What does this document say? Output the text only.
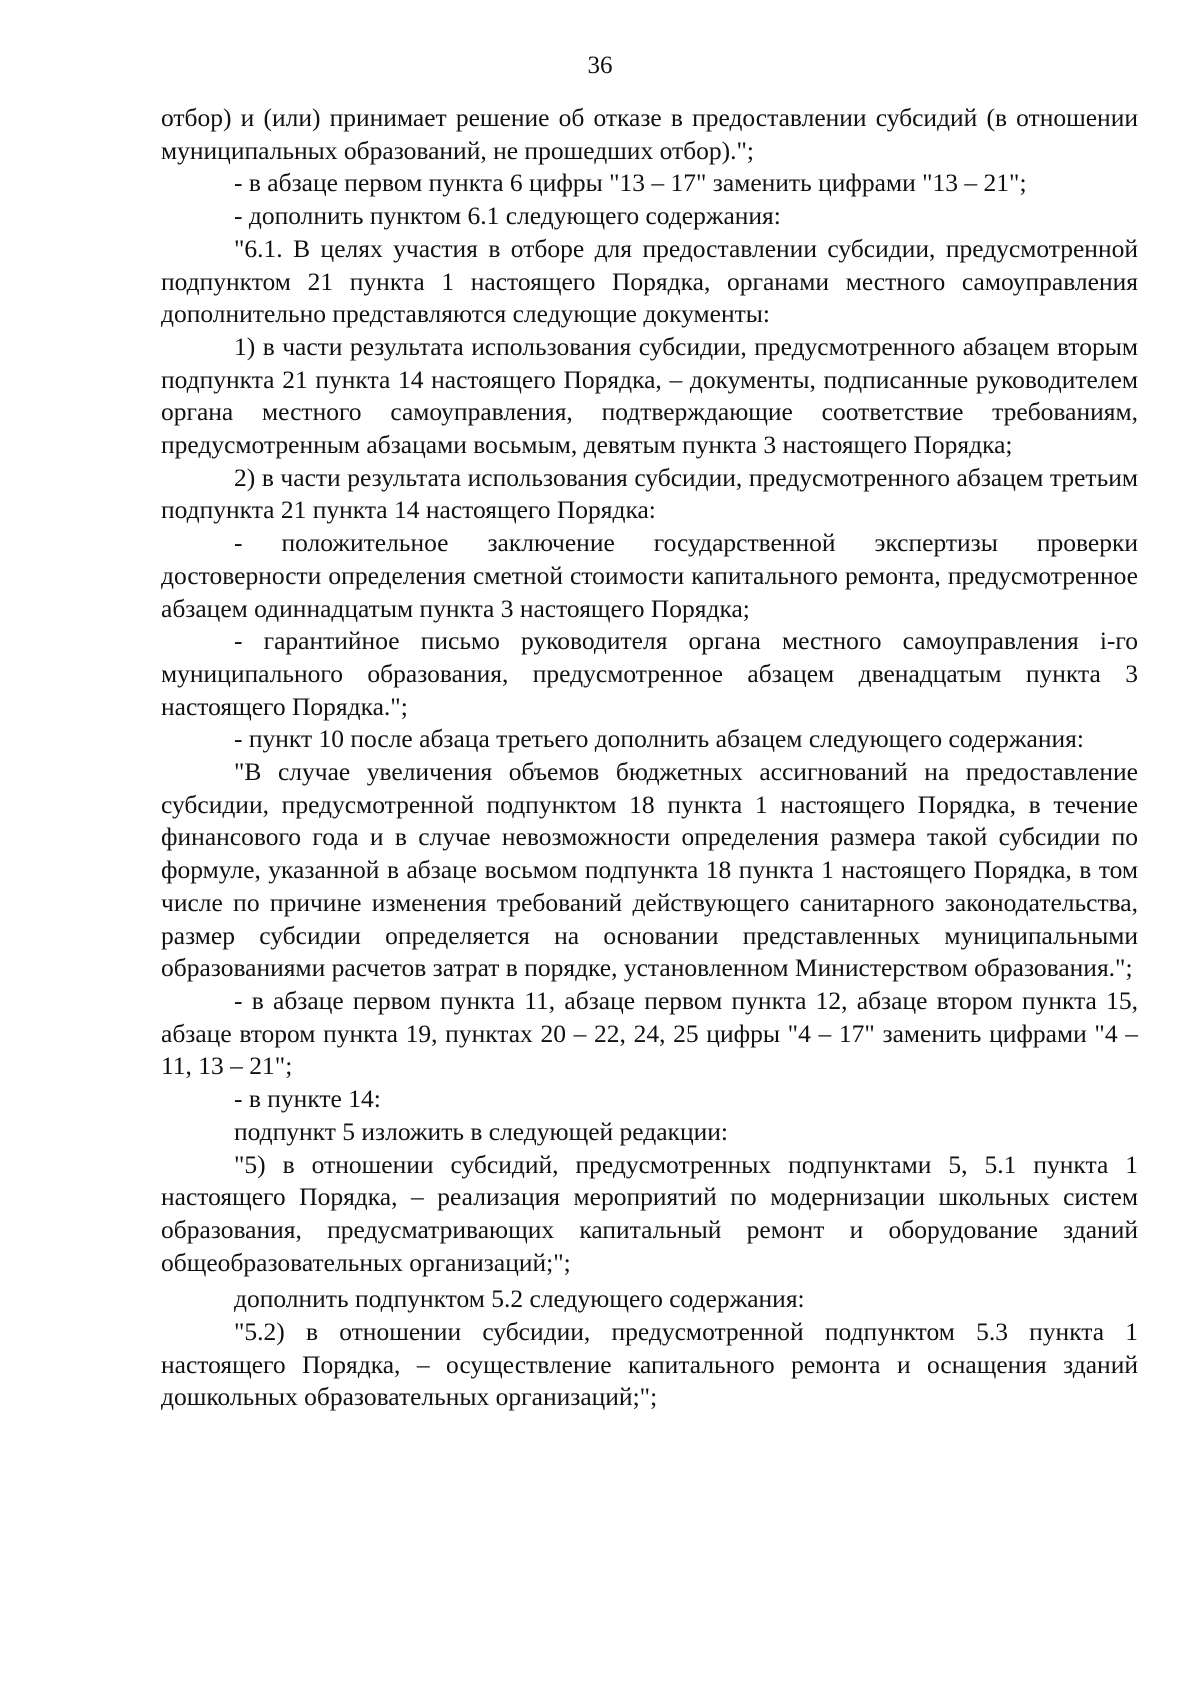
36

отбор) и (или) принимает решение об отказе в предоставлении субсидий (в отношении муниципальных образований, не прошедших отбор).";

- в абзаце первом пункта 6 цифры "13 – 17" заменить цифрами "13 – 21";

- дополнить пунктом 6.1 следующего содержания:

"6.1. В целях участия в отборе для предоставлении субсидии, предусмотренной подпунктом 21 пункта 1 настоящего Порядка, органами местного самоуправления дополнительно представляются следующие документы:

1) в части результата использования субсидии, предусмотренного абзацем вторым подпункта 21 пункта 14 настоящего Порядка, – документы, подписанные руководителем органа местного самоуправления, подтверждающие соответствие требованиям, предусмотренным абзацами восьмым, девятым пункта 3 настоящего Порядка;

2) в части результата использования субсидии, предусмотренного абзацем третьим подпункта 21 пункта 14 настоящего Порядка:

- положительное заключение государственной экспертизы проверки достоверности определения сметной стоимости капитального ремонта, предусмотренное абзацем одиннадцатым пункта 3 настоящего Порядка;

- гарантийное письмо руководителя органа местного самоуправления i-го муниципального образования, предусмотренное абзацем двенадцатым пункта 3 настоящего Порядка.";

- пункт 10 после абзаца третьего дополнить абзацем следующего содержания:

"В случае увеличения объемов бюджетных ассигнований на предоставление субсидии, предусмотренной подпунктом 18 пункта 1 настоящего Порядка, в течение финансового года и в случае невозможности определения размера такой субсидии по формуле, указанной в абзаце восьмом подпункта 18 пункта 1 настоящего Порядка, в том числе по причине изменения требований действующего санитарного законодательства, размер субсидии определяется на основании представленных муниципальными образованиями расчетов затрат в порядке, установленном Министерством образования.";

- в абзаце первом пункта 11, абзаце первом пункта 12, абзаце втором пункта 15, абзаце втором пункта 19, пунктах 20 – 22, 24, 25 цифры "4 – 17" заменить цифрами "4 – 11, 13 – 21";

- в пункте 14:

подпункт 5 изложить в следующей редакции:

"5) в отношении субсидий, предусмотренных подпунктами 5, 5.1 пункта 1 настоящего Порядка, – реализация мероприятий по модернизации школьных систем образования, предусматривающих капитальный ремонт и оборудование зданий общеобразовательных организаций;";

дополнить подпунктом 5.2 следующего содержания:

"5.2) в отношении субсидии, предусмотренной подпунктом 5.3 пункта 1 настоящего Порядка, – осуществление капитального ремонта и оснащения зданий дошкольных образовательных организаций;";
